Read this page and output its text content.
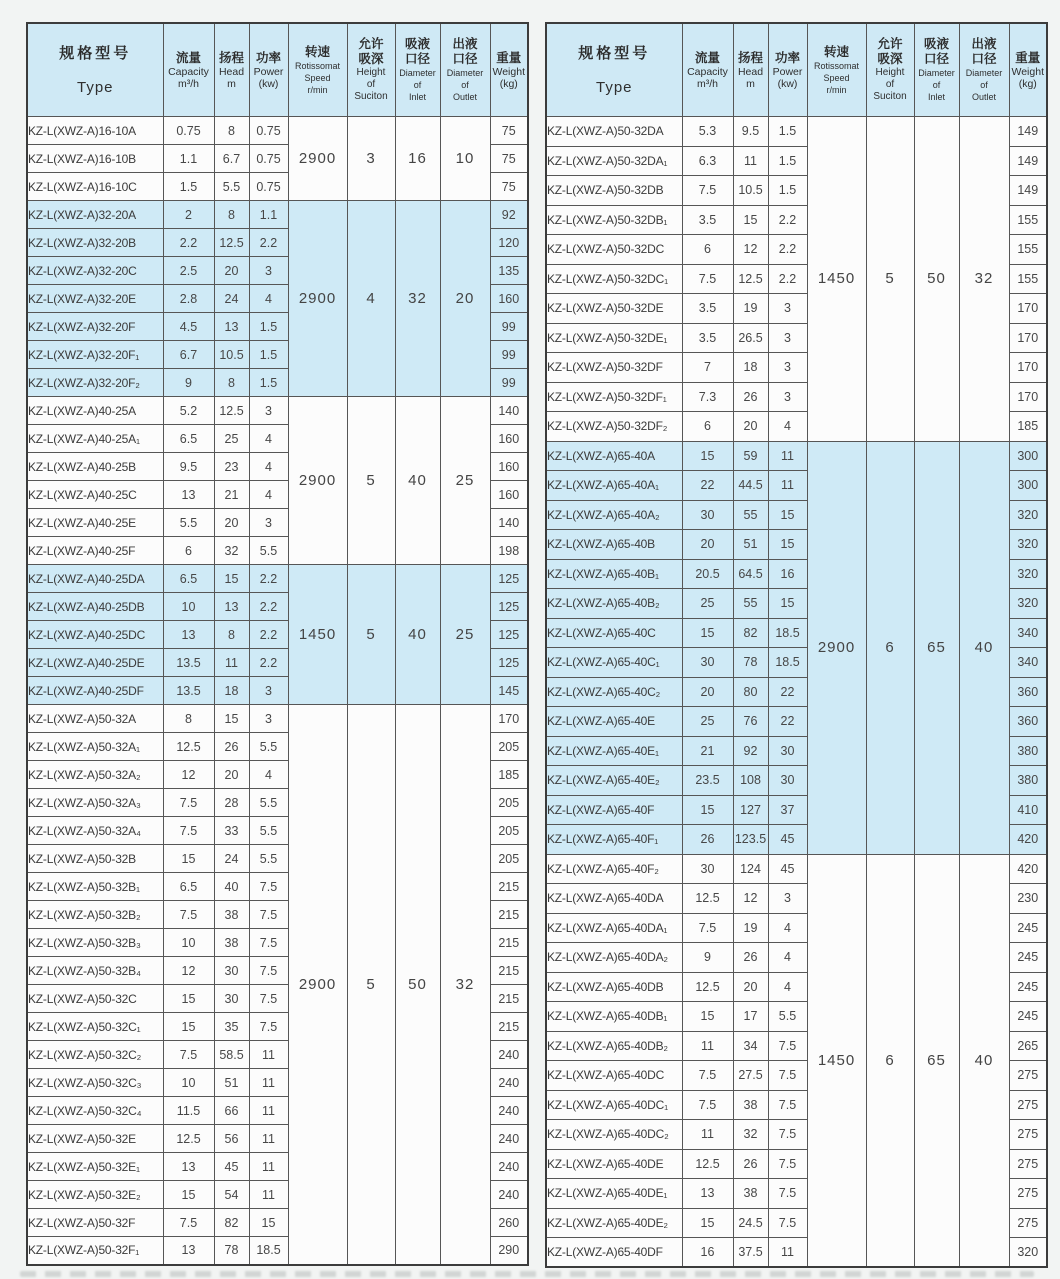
规格型号
Type

流量
Capacity
m³/h

扬程
Head
m

功率
Power
(kw)

转速
Rotissomat
Speed
r/min

允许
吸深
Height
of
Suciton

吸液
口径
Diameter
of
Inlet

出液
口径
Diameter
of
Outlet

重量
Weight
(kg)

KZ-L(XWZ-A)16-10A	0.75	8	0.75	2900	3	16	10	75
KZ-L(XWZ-A)16-10B	1.1	6.7	0.75					75
KZ-L(XWZ-A)16-10C	1.5	5.5	0.75					75
KZ-L(XWZ-A)32-20A	2	8	1.1	2900	4	32	20	92
KZ-L(XWZ-A)32-20B	2.2	12.5	2.2					120
KZ-L(XWZ-A)32-20C	2.5	20	3					135
KZ-L(XWZ-A)32-20E	2.8	24	4					160
KZ-L(XWZ-A)32-20F	4.5	13	1.5					99
KZ-L(XWZ-A)32-20F₁	6.7	10.5	1.5					99
KZ-L(XWZ-A)32-20F₂	9	8	1.5					99
KZ-L(XWZ-A)40-25A	5.2	12.5	3	2900	5	40	25	140
KZ-L(XWZ-A)40-25A₁	6.5	25	4					160
KZ-L(XWZ-A)40-25B	9.5	23	4					160
KZ-L(XWZ-A)40-25C	13	21	4					160
KZ-L(XWZ-A)40-25E	5.5	20	3					140
KZ-L(XWZ-A)40-25F	6	32	5.5					198
KZ-L(XWZ-A)40-25DA	6.5	15	2.2	1450	5	40	25	125
KZ-L(XWZ-A)40-25DB	10	13	2.2					125
KZ-L(XWZ-A)40-25DC	13	8	2.2					125
KZ-L(XWZ-A)40-25DE	13.5	11	2.2					125
KZ-L(XWZ-A)40-25DF	13.5	18	3					145
KZ-L(XWZ-A)50-32A	8	15	3	2900	5	50	32	170
KZ-L(XWZ-A)50-32A₁	12.5	26	5.5					205
KZ-L(XWZ-A)50-32A₂	12	20	4					185
KZ-L(XWZ-A)50-32A₃	7.5	28	5.5					205
KZ-L(XWZ-A)50-32A₄	7.5	33	5.5					205
KZ-L(XWZ-A)50-32B	15	24	5.5					205
KZ-L(XWZ-A)50-32B₁	6.5	40	7.5					215
KZ-L(XWZ-A)50-32B₂	7.5	38	7.5					215
KZ-L(XWZ-A)50-32B₃	10	38	7.5					215
KZ-L(XWZ-A)50-32B₄	12	30	7.5					215
KZ-L(XWZ-A)50-32C	15	30	7.5					215
KZ-L(XWZ-A)50-32C₁	15	35	7.5					215
KZ-L(XWZ-A)50-32C₂	7.5	58.5	11					240
KZ-L(XWZ-A)50-32C₃	10	51	11					240
KZ-L(XWZ-A)50-32C₄	11.5	66	11					240
KZ-L(XWZ-A)50-32E	12.5	56	11					240
KZ-L(XWZ-A)50-32E₁	13	45	11					240
KZ-L(XWZ-A)50-32E₂	15	54	11					240
KZ-L(XWZ-A)50-32F	7.5	82	15					260
KZ-L(XWZ-A)50-32F₁	13	78	18.5					290
规格型号
Type

流量
Capacity
m³/h

扬程
Head
m

功率
Power
(kw)

转速
Rotissomat
Speed
r/min

允许
吸深
Height
of
Suciton

吸液
口径
Diameter
of
Inlet

出液
口径
Diameter
of
Outlet

重量
Weight
(kg)

KZ-L(XWZ-A)50-32DA	5.3	9.5	1.5	1450	5	50	32	149
KZ-L(XWZ-A)50-32DA₁	6.3	11	1.5					149
KZ-L(XWZ-A)50-32DB	7.5	10.5	1.5					149
KZ-L(XWZ-A)50-32DB₁	3.5	15	2.2					155
KZ-L(XWZ-A)50-32DC	6	12	2.2					155
KZ-L(XWZ-A)50-32DC₁	7.5	12.5	2.2					155
KZ-L(XWZ-A)50-32DE	3.5	19	3					170
KZ-L(XWZ-A)50-32DE₁	3.5	26.5	3					170
KZ-L(XWZ-A)50-32DF	7	18	3					170
KZ-L(XWZ-A)50-32DF₁	7.3	26	3					170
KZ-L(XWZ-A)50-32DF₂	6	20	4					185
KZ-L(XWZ-A)65-40A	15	59	11	2900	6	65	40	300
KZ-L(XWZ-A)65-40A₁	22	44.5	11					300
KZ-L(XWZ-A)65-40A₂	30	55	15					320
KZ-L(XWZ-A)65-40B	20	51	15					320
KZ-L(XWZ-A)65-40B₁	20.5	64.5	16					320
KZ-L(XWZ-A)65-40B₂	25	55	15					320
KZ-L(XWZ-A)65-40C	15	82	18.5					340
KZ-L(XWZ-A)65-40C₁	30	78	18.5					340
KZ-L(XWZ-A)65-40C₂	20	80	22					360
KZ-L(XWZ-A)65-40E	25	76	22					360
KZ-L(XWZ-A)65-40E₁	21	92	30					380
KZ-L(XWZ-A)65-40E₂	23.5	108	30					380
KZ-L(XWZ-A)65-40F	15	127	37					410
KZ-L(XWZ-A)65-40F₁	26	123.5	45					420
KZ-L(XWZ-A)65-40F₂	30	124	45	1450	6	65	40	420
KZ-L(XWZ-A)65-40DA	12.5	12	3					230
KZ-L(XWZ-A)65-40DA₁	7.5	19	4					245
KZ-L(XWZ-A)65-40DA₂	9	26	4					245
KZ-L(XWZ-A)65-40DB	12.5	20	4					245
KZ-L(XWZ-A)65-40DB₁	15	17	5.5					245
KZ-L(XWZ-A)65-40DB₂	11	34	7.5					265
KZ-L(XWZ-A)65-40DC	7.5	27.5	7.5					275
KZ-L(XWZ-A)65-40DC₁	7.5	38	7.5					275
KZ-L(XWZ-A)65-40DC₂	11	32	7.5					275
KZ-L(XWZ-A)65-40DE	12.5	26	7.5					275
KZ-L(XWZ-A)65-40DE₁	13	38	7.5					275
KZ-L(XWZ-A)65-40DE₂	15	24.5	7.5					275
KZ-L(XWZ-A)65-40DF	16	37.5	11					320
